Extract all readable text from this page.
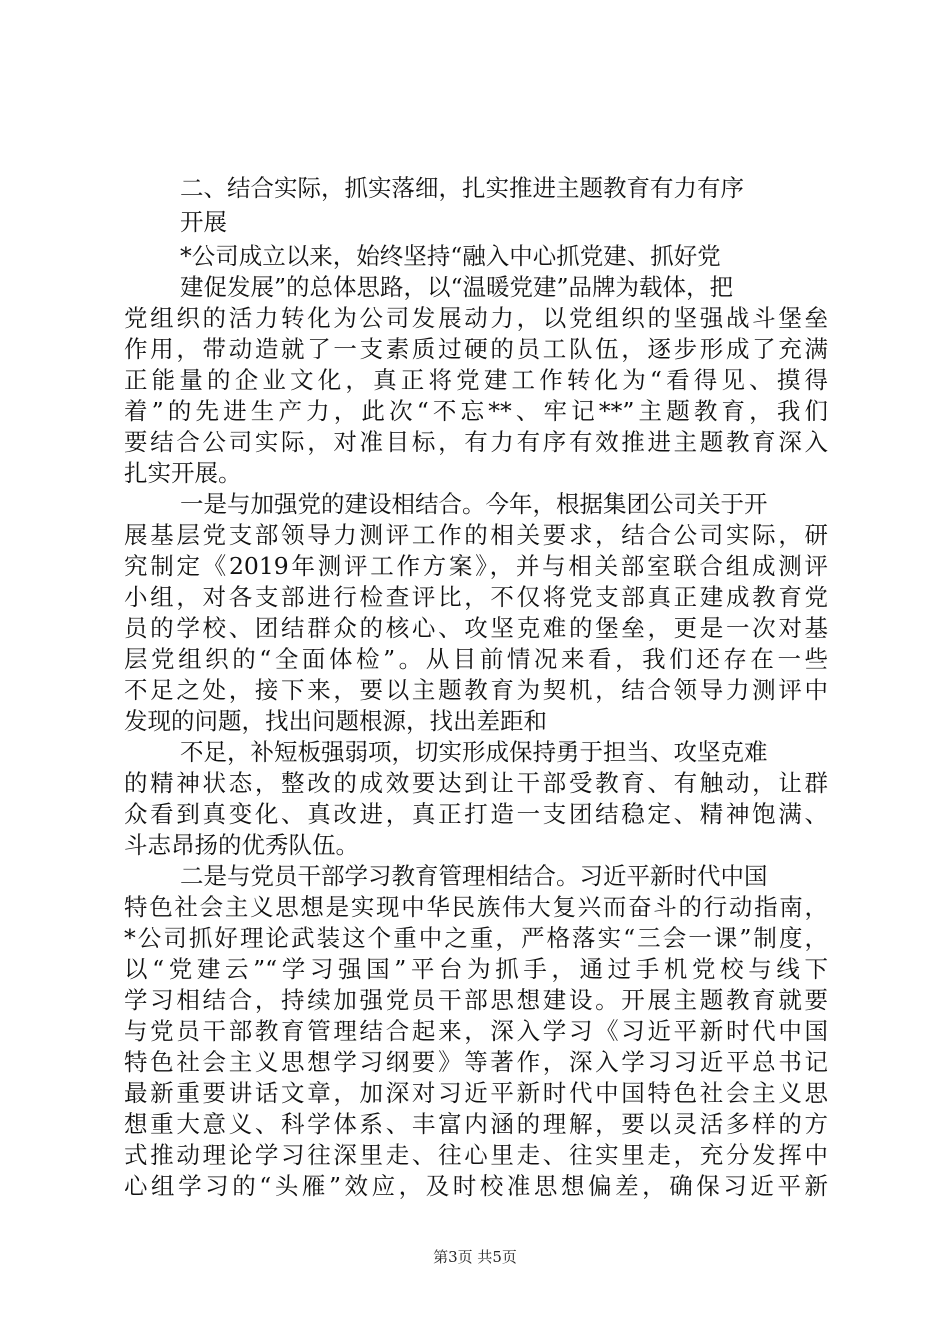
二、结合实际，抓实落细，扎实推进主题教育有力有序
开展
*公司成立以来，始终坚持“融入中心抓党建、抓好党
建促发展”的总体思路，以“温暖党建”品牌为载体，把
党组织的活力转化为公司发展动力，以党组织的坚强战斗堡垒
作用，带动造就了一支素质过硬的员工队伍，逐步形成了充满
正能量的企业文化，真正将党建工作转化为“看得见、摸得
着”的先进生产力，此次“不忘**、牢记**”主题教育，我们
要结合公司实际，对准目标，有力有序有效推进主题教育深入
扎实开展。
一是与加强党的建设相结合。今年，根据集团公司关于开
展基层党支部领导力测评工作的相关要求，结合公司实际，研
究制定《2019年测评工作方案》，并与相关部室联合组成测评
小组，对各支部进行检查评比，不仅将党支部真正建成教育党
员的学校、团结群众的核心、攻坚克难的堡垒，更是一次对基
层党组织的“全面体检”。从目前情况来看，我们还存在一些
不足之处，接下来，要以主题教育为契机，结合领导力测评中
发现的问题，找出问题根源，找出差距和
不足，补短板强弱项，切实形成保持勇于担当、攻坚克难
的精神状态，整改的成效要达到让干部受教育、有触动，让群
众看到真变化、真改进，真正打造一支团结稳定、精神饱满、
斗志昂扬的优秀队伍。
二是与党员干部学习教育管理相结合。习近平新时代中国
特色社会主义思想是实现中华民族伟大复兴而奋斗的行动指南，
*公司抓好理论武装这个重中之重，严格落实“三会一课”制度，
以“党建云”“学习强国”平台为抓手，通过手机党校与线下
学习相结合，持续加强党员干部思想建设。开展主题教育就要
与党员干部教育管理结合起来，深入学习《习近平新时代中国
特色社会主义思想学习纲要》等著作，深入学习习近平总书记
最新重要讲话文章，加深对习近平新时代中国特色社会主义思
想重大意义、科学体系、丰富内涵的理解，要以灵活多样的方
式推动理论学习往深里走、往心里走、往实里走，充分发挥中
心组学习的“头雁”效应，及时校准思想偏差，确保习近平新
第3页 共5页
